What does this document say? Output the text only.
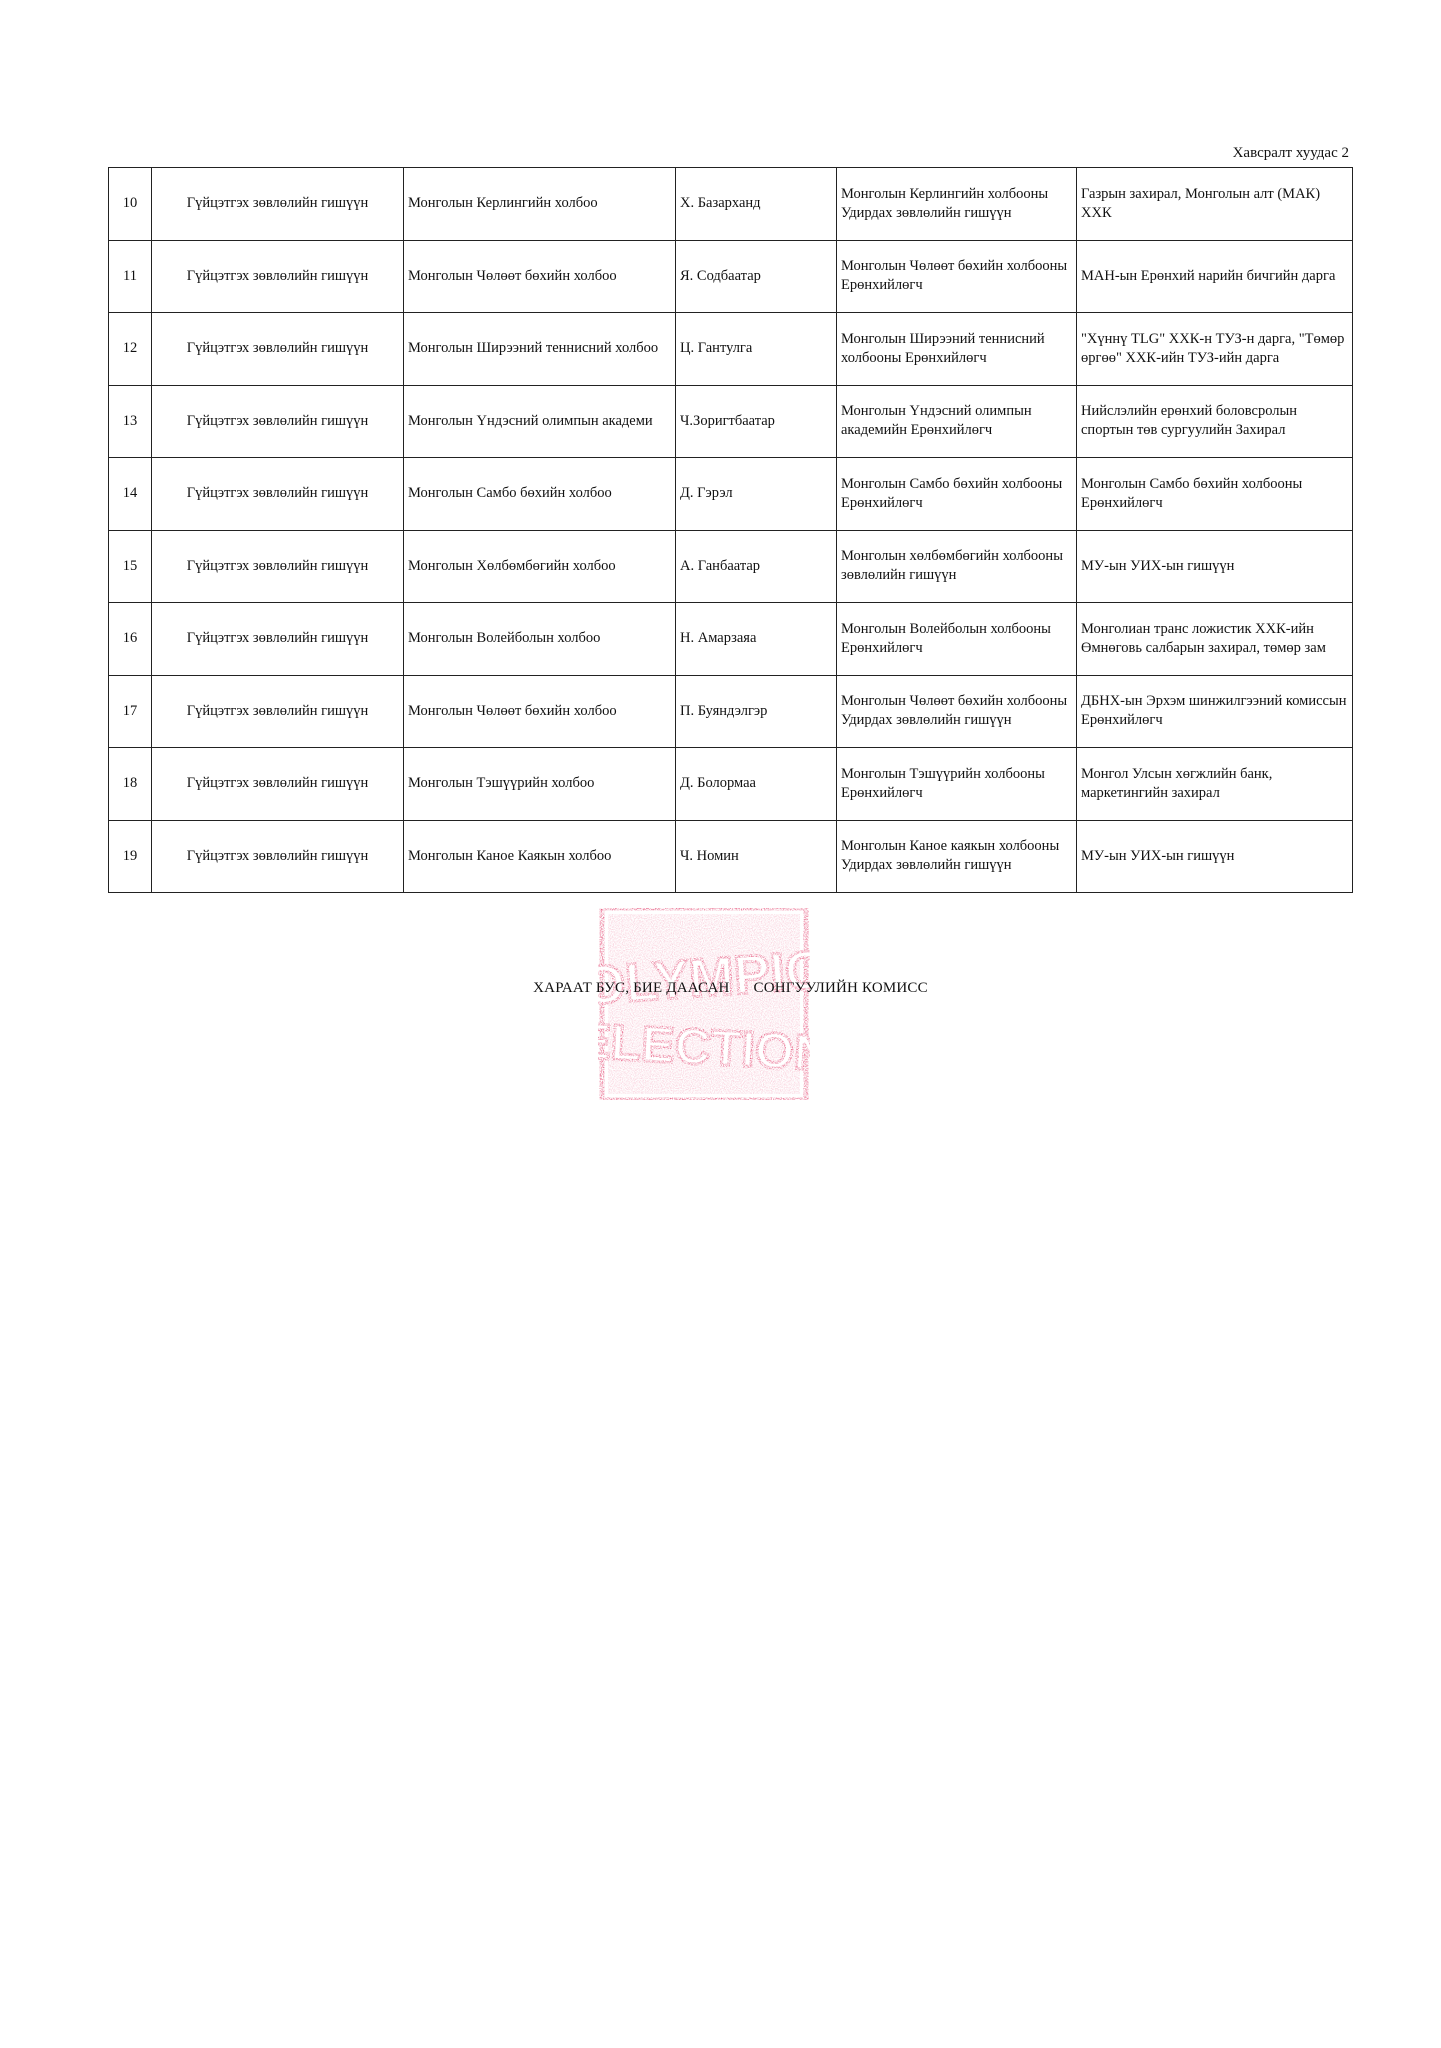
Хавсралт хуудас 2
10	Гүйцэтгэх зөвлөлийн гишүүн	Монголын Керлингийн холбоо	Х. Базарханд	Монголын Керлингийн холбооны Удирдах зөвлөлийн гишүүн	Газрын захирал, Монголын алт (МАК) ХХК
11	Гүйцэтгэх зөвлөлийн гишүүн	Монголын Чөлөөт бөхийн холбоо	Я. Содбаатар	Монголын Чөлөөт бөхийн холбооны Ерөнхийлөгч	МАН-ын Ерөнхий нарийн бичгийн дарга
12	Гүйцэтгэх зөвлөлийн гишүүн	Монголын Ширээний теннисний холбоо	Ц. Гантулга	Монголын Ширээний теннисний холбооны Ерөнхийлөгч	"Хүннү TLG" ХХК-н ТУЗ-н дарга, "Төмөр өргөө" ХХК-ийн ТУЗ-ийн дарга
13	Гүйцэтгэх зөвлөлийн гишүүн	Монголын Үндэсний олимпын академи	Ч.Зоригтбаатар	Монголын Үндэсний олимпын академийн Ерөнхийлөгч	Нийслэлийн ерөнхий боловсролын спортын төв сургуулийн Захирал
14	Гүйцэтгэх зөвлөлийн гишүүн	Монголын Самбо бөхийн холбоо	Д. Гэрэл	Монголын Самбо бөхийн холбооны Ерөнхийлөгч	Монголын Самбо бөхийн холбооны Ерөнхийлөгч
15	Гүйцэтгэх зөвлөлийн гишүүн	Монголын Хөлбөмбөгийн холбоо	А. Ганбаатар	Монголын хөлбөмбөгийн холбооны зөвлөлийн гишүүн	МУ-ын УИХ-ын гишүүн
16	Гүйцэтгэх зөвлөлийн гишүүн	Монголын Волейболын холбоо	Н. Амарзаяа	Монголын Волейболын холбооны Ерөнхийлөгч	Монголиан транс ложистик ХХК-ийн Өмнөговь салбарын захирал, төмөр зам
17	Гүйцэтгэх зөвлөлийн гишүүн	Монголын Чөлөөт бөхийн холбоо	П. Буяндэлгэр	Монголын Чөлөөт бөхийн холбооны Удирдах зөвлөлийн гишүүн	ДБНХ-ын Эрхэм шинжилгээний комиссын Ерөнхийлөгч
18	Гүйцэтгэх зөвлөлийн гишүүн	Монголын Тэшүүрийн холбоо	Д. Болормаа	Монголын Тэшүүрийн холбооны Ерөнхийлөгч	Монгол Улсын хөгжлийн банк, маркетингийн захирал
19	Гүйцэтгэх зөвлөлийн гишүүн	Монголын Каное Каякын холбоо	Ч. Номин	Монголын Каное каякын холбооны Удирдах зөвлөлийн гишүүн	МУ-ын УИХ-ын гишүүн
OLYMPIC
ELECTION
ХАРААТ БУС, БИЕ ДААСАН СОНГУУЛИЙН КОМИСС
